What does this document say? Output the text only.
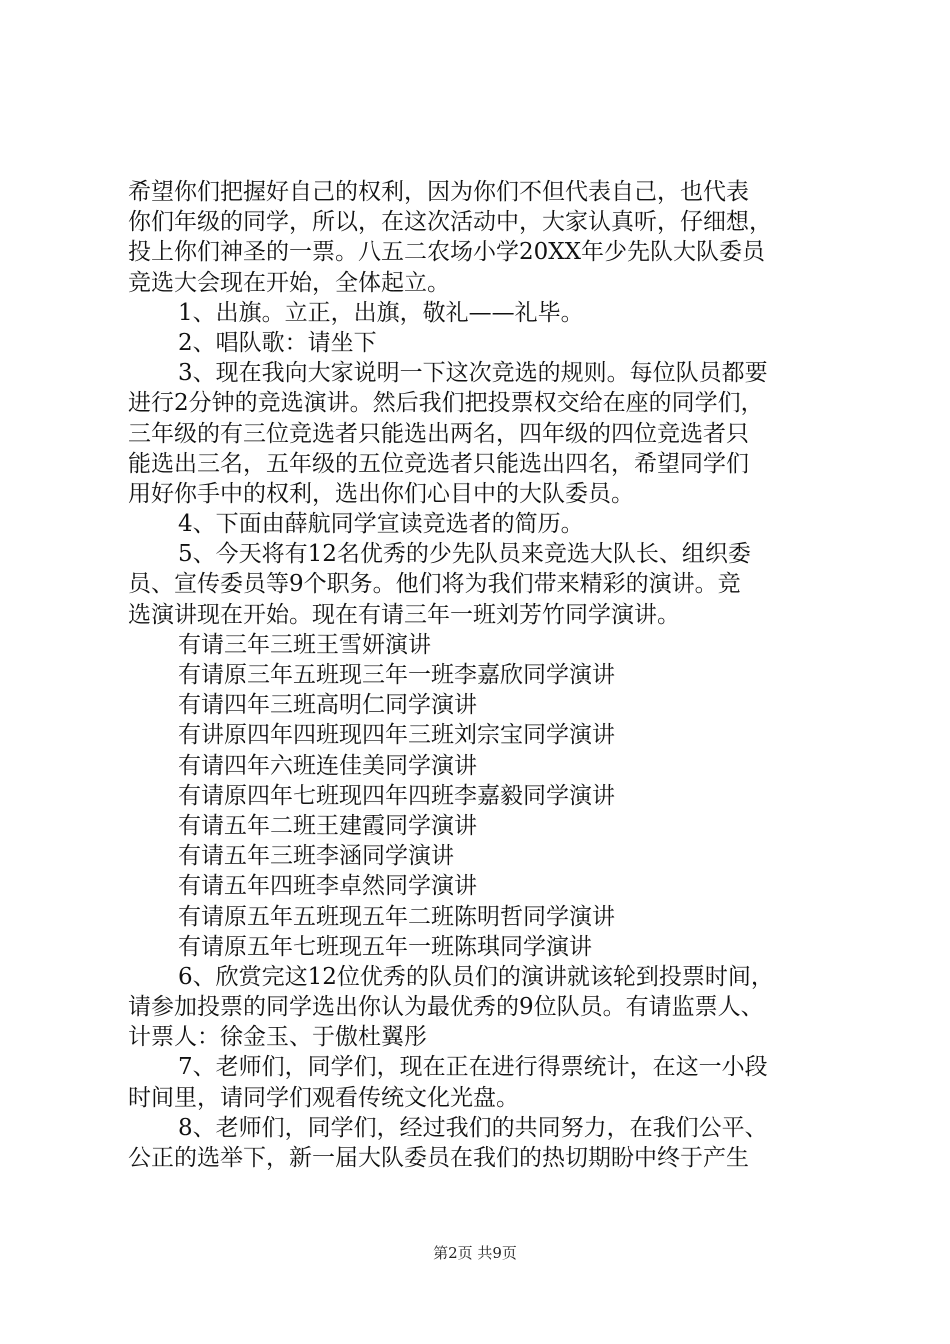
希望你们把握好自己的权利，因为你们不但代表自己，也代表
你们年级的同学，所以，在这次活动中，大家认真听，仔细想，
投上你们神圣的一票。八五二农场小学20XX年少先队大队委员
竞选大会现在开始，全体起立。
1、出旗。立正，出旗，敬礼——礼毕。
2、唱队歌：请坐下
3、现在我向大家说明一下这次竞选的规则。每位队员都要
进行2分钟的竞选演讲。然后我们把投票权交给在座的同学们，
三年级的有三位竞选者只能选出两名，四年级的四位竞选者只
能选出三名，五年级的五位竞选者只能选出四名，希望同学们
用好你手中的权利，选出你们心目中的大队委员。
4、下面由薛航同学宣读竞选者的简历。
5、今天将有12名优秀的少先队员来竞选大队长、组织委
员、宣传委员等9个职务。他们将为我们带来精彩的演讲。竞
选演讲现在开始。现在有请三年一班刘芳竹同学演讲。
有请三年三班王雪妍演讲
有请原三年五班现三年一班李嘉欣同学演讲
有请四年三班高明仁同学演讲
有讲原四年四班现四年三班刘宗宝同学演讲
有请四年六班连佳美同学演讲
有请原四年七班现四年四班李嘉毅同学演讲
有请五年二班王建霞同学演讲
有请五年三班李涵同学演讲
有请五年四班李卓然同学演讲
有请原五年五班现五年二班陈明哲同学演讲
有请原五年七班现五年一班陈琪同学演讲
6、欣赏完这12位优秀的队员们的演讲就该轮到投票时间，
请参加投票的同学选出你认为最优秀的9位队员。有请监票人、
计票人：徐金玉、于傲杜翼彤
7、老师们，同学们，现在正在进行得票统计，在这一小段
时间里，请同学们观看传统文化光盘。
8、老师们，同学们，经过我们的共同努力，在我们公平、
公正的选举下，新一届大队委员在我们的热切期盼中终于产生
第2页 共9页
